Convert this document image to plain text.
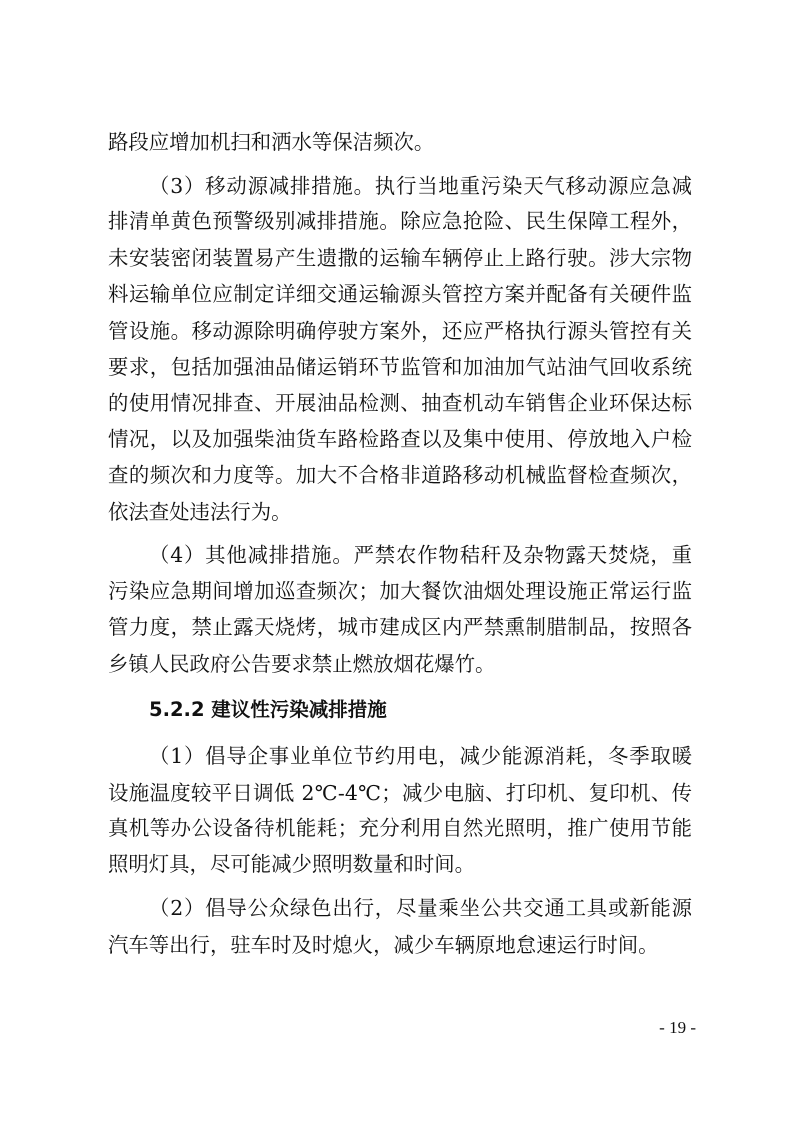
路段应增加机扫和洒水等保洁频次。
（3）移动源减排措施。执行当地重污染天气移动源应急减
排清单黄色预警级别减排措施。除应急抢险、民生保障工程外，
未安装密闭装置易产生遗撒的运输车辆停止上路行驶。涉大宗物
料运输单位应制定详细交通运输源头管控方案并配备有关硬件监
管设施。移动源除明确停驶方案外，还应严格执行源头管控有关
要求，包括加强油品储运销环节监管和加油加气站油气回收系统
的使用情况排查、开展油品检测、抽查机动车销售企业环保达标
情况，以及加强柴油货车路检路查以及集中使用、停放地入户检
查的频次和力度等。加大不合格非道路移动机械监督检查频次，
依法查处违法行为。
（4）其他减排措施。严禁农作物秸秆及杂物露天焚烧，重
污染应急期间增加巡查频次；加大餐饮油烟处理设施正常运行监
管力度，禁止露天烧烤，城市建成区内严禁熏制腊制品，按照各
乡镇人民政府公告要求禁止燃放烟花爆竹。
5.2.2 建议性污染减排措施
（1）倡导企事业单位节约用电，减少能源消耗，冬季取暖
设施温度较平日调低 2℃-4℃；减少电脑、打印机、复印机、传
真机等办公设备待机能耗；充分利用自然光照明，推广使用节能
照明灯具，尽可能减少照明数量和时间。
（2）倡导公众绿色出行，尽量乘坐公共交通工具或新能源
汽车等出行，驻车时及时熄火，减少车辆原地怠速运行时间。
- 19 -
